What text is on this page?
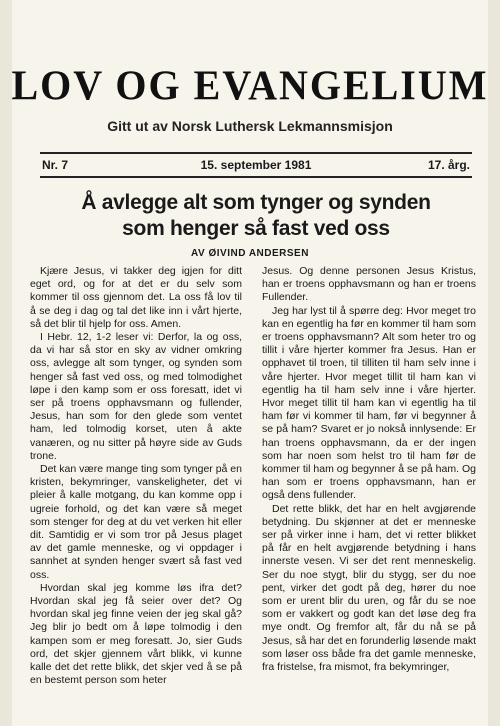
LOV OG EVANGELIUM
Gitt ut av Norsk Luthersk Lekmannsmisjon
Nr. 7	15. september 1981	17. årg.
Å avlegge alt som tynger og synden
som henger så fast ved oss
AV ØIVIND ANDERSEN

Kjære Jesus, vi takker deg igjen for ditt eget ord, og for at det er du selv som kommer til oss gjennom det. La oss få lov til å se deg i dag og tal det like inn i vårt hjerte, så det blir til hjelp for oss. Amen.

I Hebr. 12, 1-2 leser vi: Derfor, la og oss, da vi har så stor en sky av vidner omkring oss, avlegge alt som tynger, og synden som henger så fast ved oss, og med tolmodighet løpe i den kamp som er oss foresatt, idet vi ser på troens opphavsmann og fullender, Jesus, han som for den glede som ventet ham, led tolmodig korset, uten å akte vanæren, og nu sitter på høyre side av Guds trone.

Det kan være mange ting som tynger på en kristen, bekymringer, vanskeligheter, det vi pleier å kalle motgang, du kan komme opp i ugreie forhold, og det kan være så meget som stenger for deg at du vet verken hit eller dit. Samtidig er vi som tror på Jesus plaget av det gamle menneske, og vi oppdager i sannhet at synden henger svært så fast ved oss.

Hvordan skal jeg komme løs ifra det? Hvordan skal jeg få seier over det? Og hvordan skal jeg finne veien der jeg skal gå? Jeg blir jo bedt om å løpe tolmodig i den kampen som er meg foresatt. Jo, sier Guds ord, det skjer gjennem vårt blikk, vi kunne kalle det det rette blikk, det skjer ved å se på en bestemt person som heter

Jesus. Og denne personen Jesus Kristus, han er troens opphavsmann og han er troens Fullender.

Jeg har lyst til å spørre deg: Hvor meget tro kan en egentlig ha før en kommer til ham som er troens opphavsmann? Alt som heter tro og tillit i våre hjerter kommer fra Jesus. Han er opphavet til troen, til tilliten til ham selv inne i våre hjerter. Hvor meget tillit til ham kan vi egentlig ha til ham selv inne i våre hjerter. Hvor meget tillit til ham kan vi egentlig ha til ham før vi kommer til ham, før vi begynner å se på ham? Svaret er jo nokså innlysende: Er han troens opphavsmann, da er der ingen som har noen som helst tro til ham før de kommer til ham og begynner å se på ham. Og han som er troens opphavsmann, han er også dens fullender.

Det rette blikk, det har en helt avgjørende betydning. Du skjønner at det er menneske ser på virker inne i ham, det vi retter blikket på får en helt avgjørende betydning i hans innerste vesen. Vi ser det rent menneskelig. Ser du noe stygt, blir du stygg, ser du noe pent, virker det godt på deg, hører du noe som er urent blir du uren, og får du se noe som er vakkert og godt kan det løse deg fra mye ondt. Og fremfor alt, får du nå se på Jesus, så har det en forunderlig løsende makt som løser oss både fra det gamle menneske, fra fristelse, fra mismot, fra bekymringer,
